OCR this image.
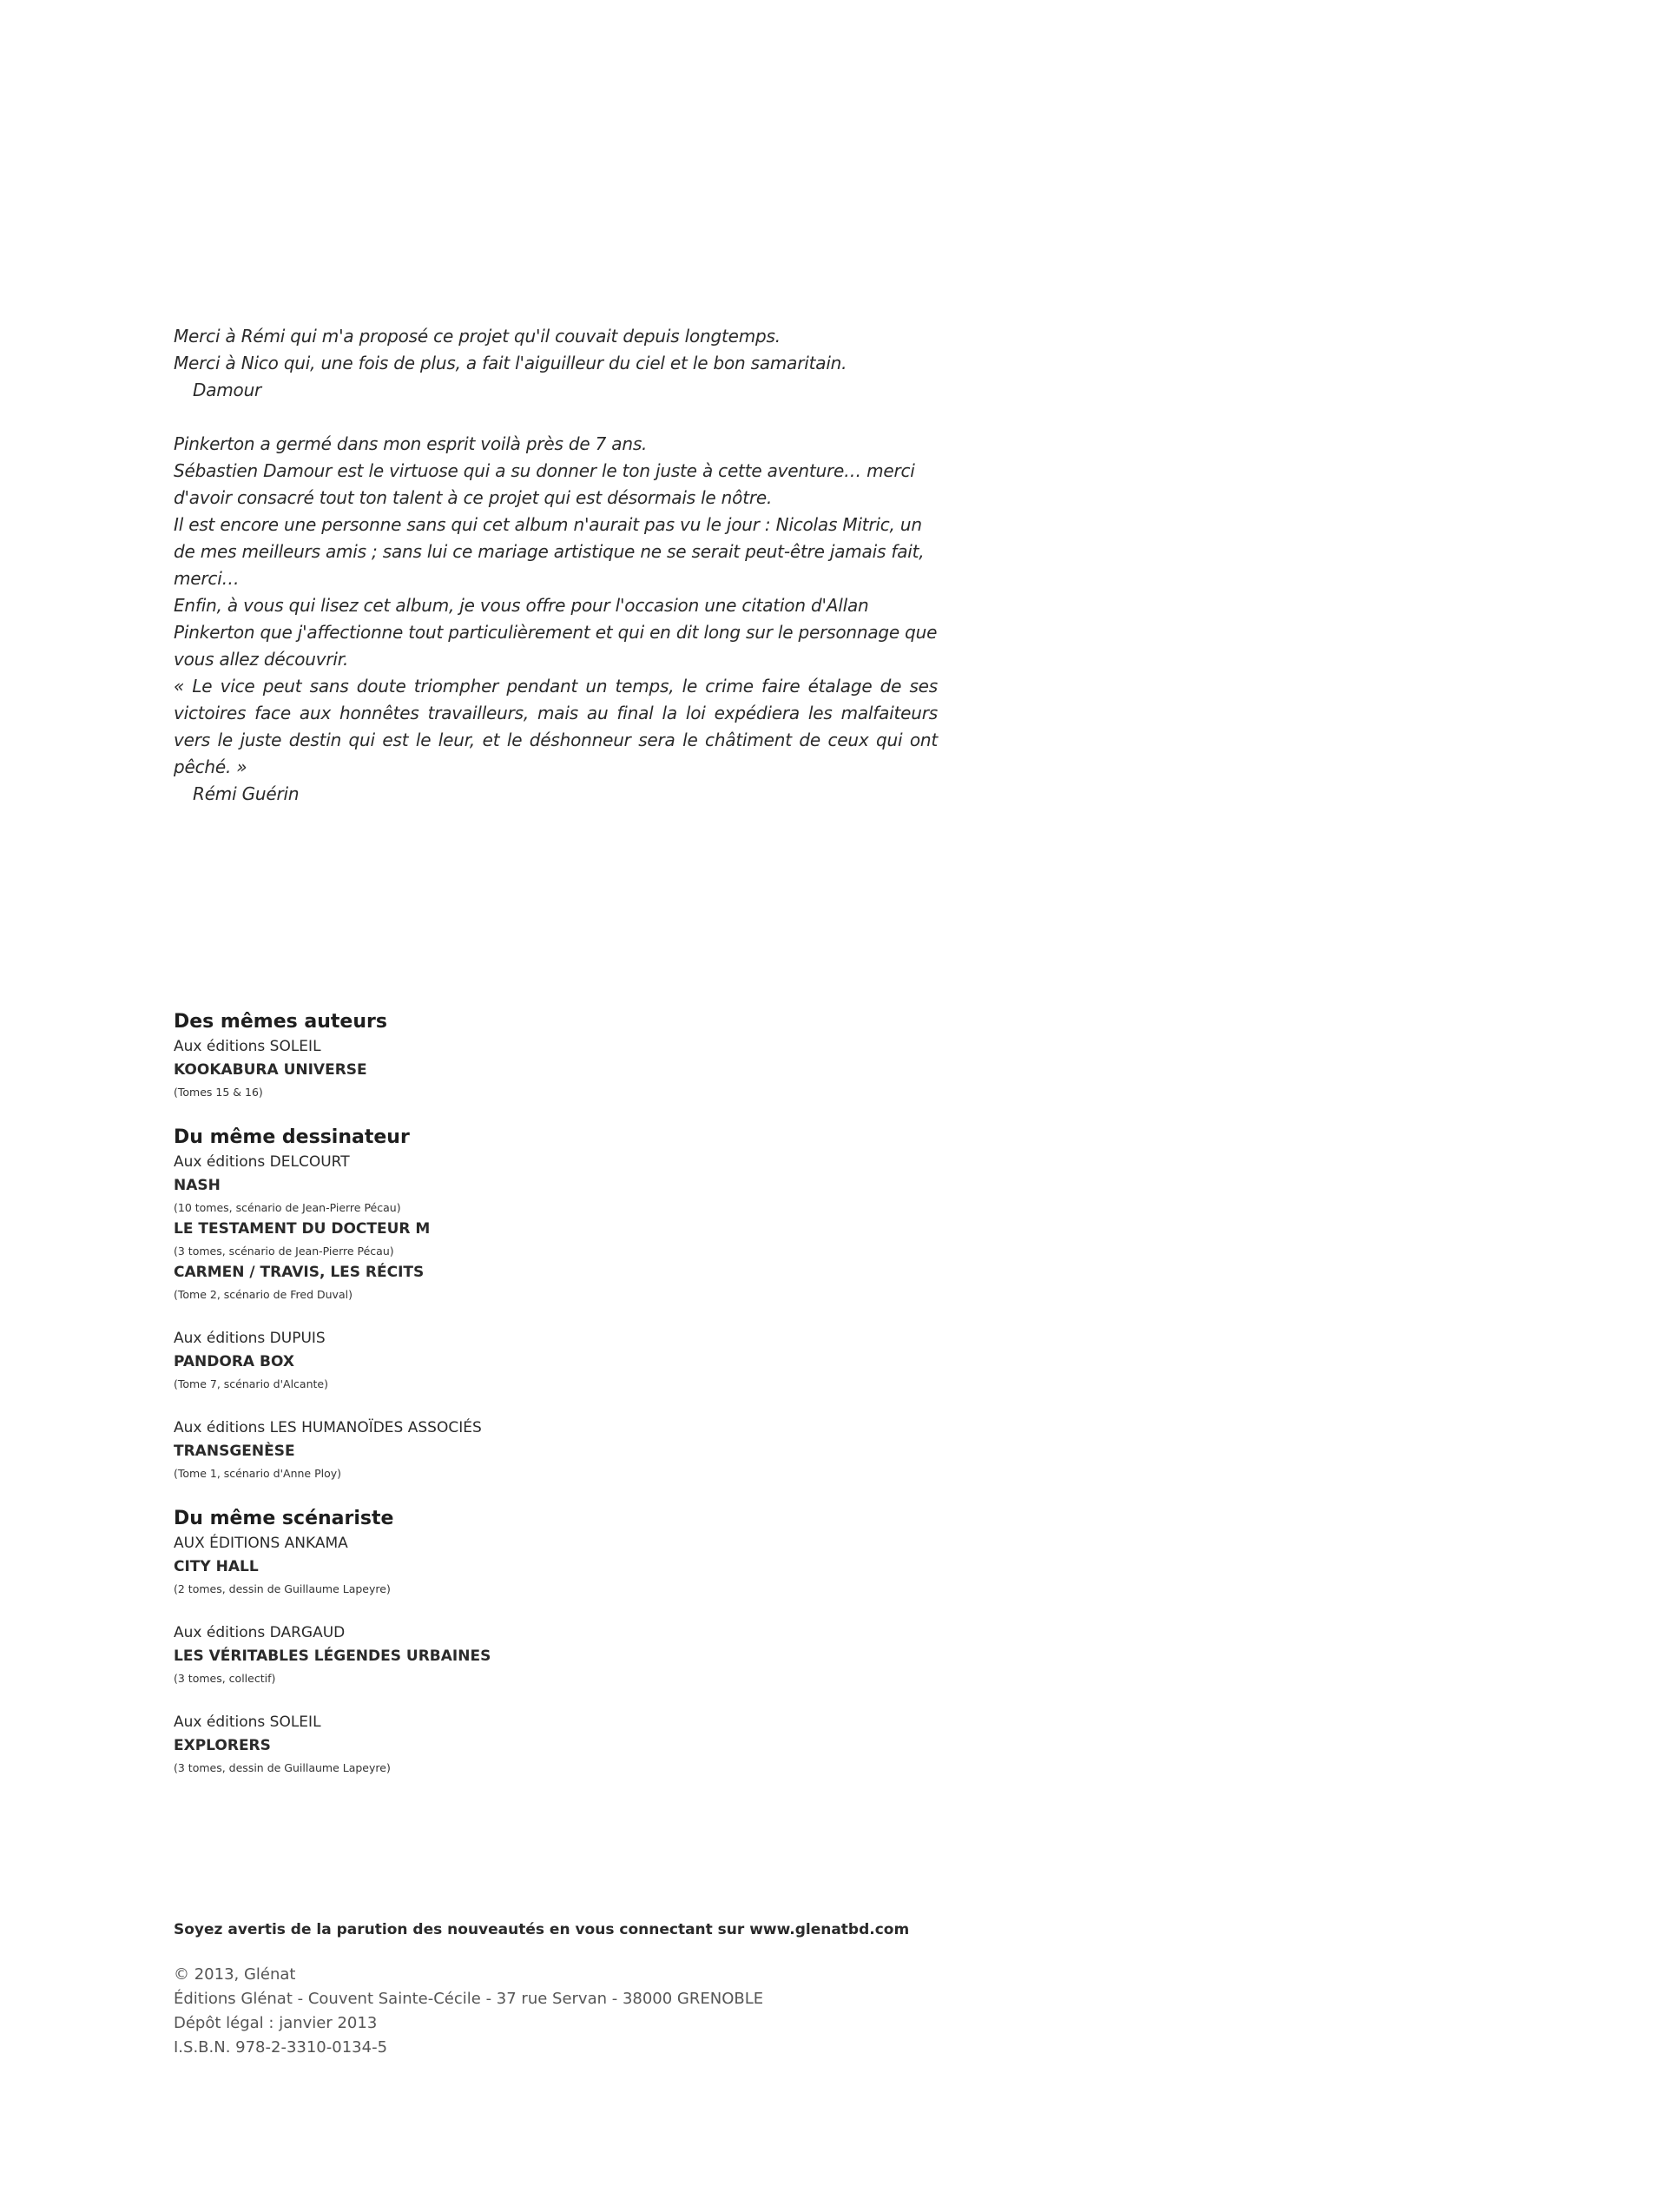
Merci à Rémi qui m'a proposé ce projet qu'il couvait depuis longtemps.

Merci à Nico qui, une fois de plus, a fait l'aiguilleur du ciel et le bon samaritain.

Damour

Pinkerton a germé dans mon esprit voilà près de 7 ans.

Sébastien Damour est le virtuose qui a su donner le ton juste à cette aventure… merci d'avoir consacré tout ton talent à ce projet qui est désormais le nôtre.

Il est encore une personne sans qui cet album n'aurait pas vu le jour : Nicolas Mitric, un de mes meilleurs amis ; sans lui ce mariage artistique ne se serait peut-être jamais fait, merci…

Enfin, à vous qui lisez cet album, je vous offre pour l'occasion une citation d'Allan Pinkerton que j'affectionne tout particulièrement et qui en dit long sur le personnage que vous allez découvrir.

« Le vice peut sans doute triompher pendant un temps, le crime faire étalage de ses victoires face aux honnêtes travailleurs, mais au final la loi expédiera les malfaiteurs vers le juste destin qui est le leur, et le déshonneur sera le châtiment de ceux qui ont pêché. »

Rémi Guérin

Des mêmes auteurs

Aux éditions SOLEIL

KOOKABURA UNIVERSE

(Tomes 15 & 16)

Du même dessinateur

Aux éditions DELCOURT

NASH

(10 tomes, scénario de Jean-Pierre Pécau)

LE TESTAMENT DU DOCTEUR M

(3 tomes, scénario de Jean-Pierre Pécau)

CARMEN / TRAVIS, LES RÉCITS

(Tome 2, scénario de Fred Duval)

Aux éditions DUPUIS

PANDORA BOX

(Tome 7, scénario d'Alcante)

Aux éditions LES HUMANOÏDES ASSOCIÉS

TRANSGENÈSE

(Tome 1, scénario d'Anne Ploy)

Du même scénariste

AUX ÉDITIONS ANKAMA

CITY HALL

(2 tomes, dessin de Guillaume Lapeyre)

Aux éditions DARGAUD

LES VÉRITABLES LÉGENDES URBAINES

(3 tomes, collectif)

Aux éditions SOLEIL

EXPLORERS

(3 tomes, dessin de Guillaume Lapeyre)

Soyez avertis de la parution des nouveautés en vous connectant sur www.glenatbd.com

© 2013, Glénat

Éditions Glénat - Couvent Sainte-Cécile - 37 rue Servan - 38000 GRENOBLE

Dépôt légal : janvier 2013

I.S.B.N. 978-2-3310-0134-5
